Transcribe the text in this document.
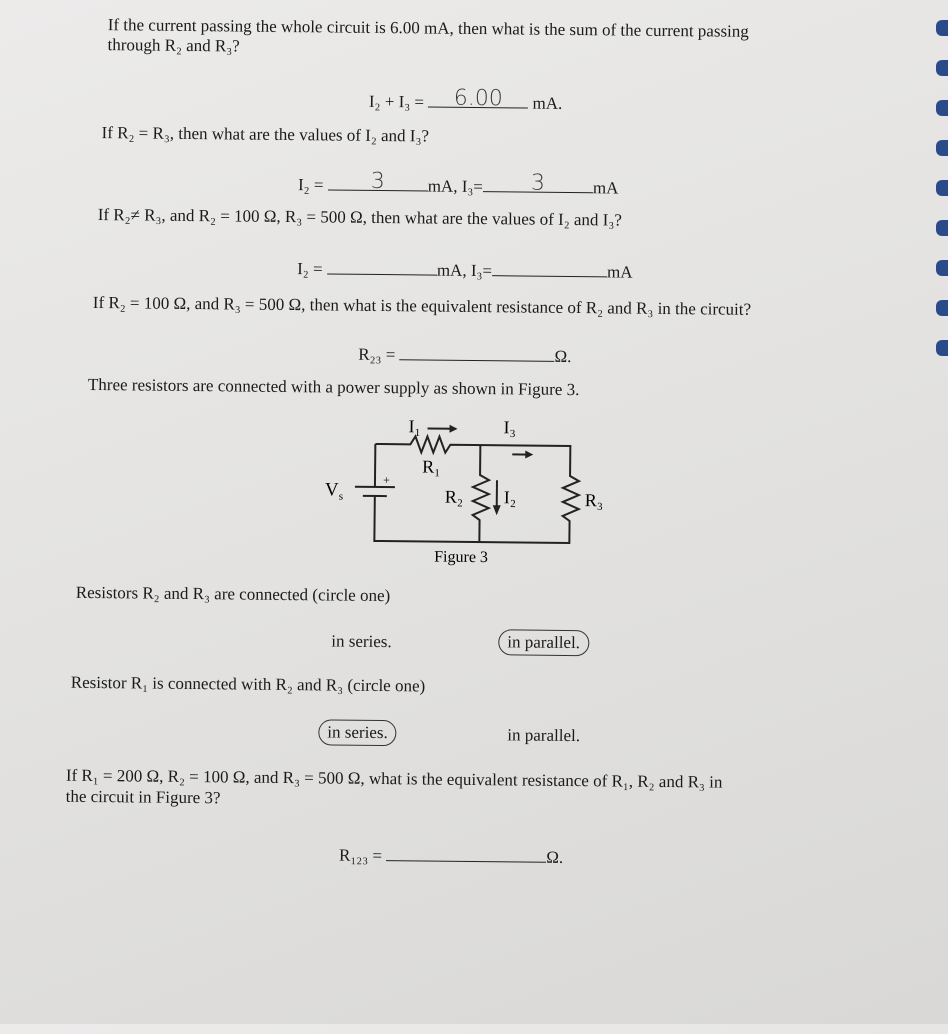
If the current passing the whole circuit is 6.00 mA, then what is the sum of the current passing
through R₂ and R₃?
I₂ + I₃ =	6.00	mA.
If R₂ = R₃, then what are the values of I₂ and I₃?
I₂ =	3	mA, I₃=	3	mA
If R₂≠ R₃, and R₂ = 100 Ω, R₃ = 500 Ω, then what are the values of I₂ and I₃?
I₂ =	mA, I₃=	mA
If R₂ = 100 Ω, and R₃ = 500 Ω, then what is the equivalent resistance of R₂ and R₃ in the circuit?
R₂₃ =	Ω.
Three resistors are connected with a power supply as shown in Figure 3.
I₁	I₃
R₁
R₂ I₂	R₃
V s
+
Figure 3
Resistors R₂ and R₃ are connected (circle one)
in series.	in parallel.
Resistor R₁ is connected with R₂ and R₃ (circle one)
in series.	in parallel.
If R₁ = 200 Ω, R₂ = 100 Ω, and R₃ = 500 Ω, what is the equivalent resistance of R₁, R₂ and R₃ in
the circuit in Figure 3?
R₁₂₃ =	Ω.
